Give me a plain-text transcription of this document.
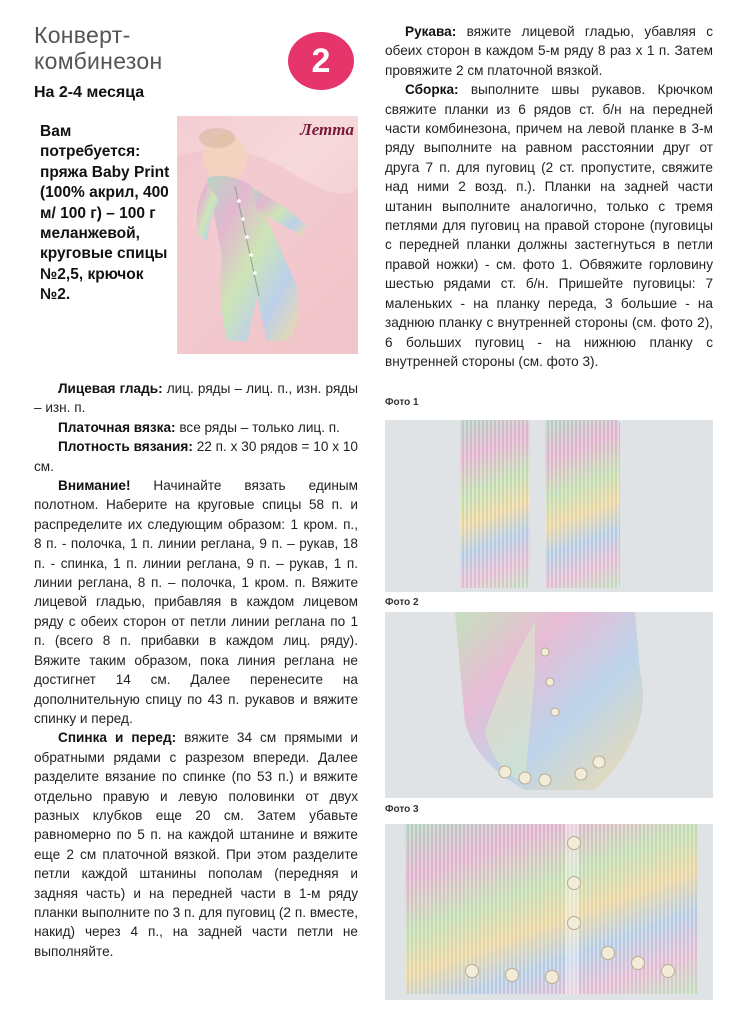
Конверт-
комбинезон	2
На 2-4 месяца
Вам потребуется: пряжа Baby Print (100% акрил, 400 м/ 100 г) – 100 г меланжевой, круговые спицы №2,5, крючок №2.
Летта

Лицевая гладь: лиц. ряды – лиц. п., изн. ряды – изн. п.

Платочная вязка: все ряды – только лиц. п.

Плотность вязания: 22 п. х 30 рядов = 10 х 10 см.

Внимание! Начинайте вязать единым полотном. Наберите на круговые спицы 58 п. и распределите их следующим образом: 1 кром. п., 8 п. - полочка, 1 п. линии реглана, 9 п. – рукав, 18 п. - спинка, 1 п. линии реглана, 9 п. – рукав, 1 п. линии реглана, 8 п. – полочка, 1 кром. п. Вяжите лицевой гладью, прибавляя в каждом лицевом ряду с обеих сторон от петли линии реглана по 1 п. (всего 8 п. прибавки в каждом лиц. ряду). Вяжите таким образом, пока линия реглана не достигнет 14 см. Далее перенесите на дополнительную спицу по 43 п. рукавов и вяжите спинку и перед.

Спинка и перед: вяжите 34 см прямыми и обратными рядами с разрезом впереди. Далее разделите вязание по спинке (по 53 п.) и вяжите отдельно правую и левую половинки от двух разных клубков еще 20 см. Затем убавьте равномерно по 5 п. на каждой штанине и вяжите еще 2 см платочной вязкой. При этом разделите петли каждой штанины пополам (передняя и задняя часть) и на передней части в 1-м ряду планки выполните по 3 п. для пуговиц (2 п. вместе, накид) через 4 п., на задней части петли не выполняйте.

Рукава: вяжите лицевой гладью, убавляя с обеих сторон в каждом 5-м ряду 8 раз х 1 п. Затем провяжите 2 см платочной вязкой.

Сборка: выполните швы рукавов. Крючком свяжите планки из 6 рядов ст. б/н на передней части комбинезона, причем на левой планке в 3-м ряду выполните на равном расстоянии друг от друга 7 п. для пуговиц (2 ст. пропустите, свяжите над ними 2 возд. п.). Планки на задней части штанин выполните аналогично, только с тремя петлями для пуговиц на правой стороне (пуговицы с передней планки должны застегнуться в петли правой ножки) - см. фото 1. Обвяжите горловину шестью рядами ст. б/н. Пришейте пуговицы: 7 маленьких - на планку переда, 3 большие - на заднюю планку с внутренней стороны (см. фото 2), 6 больших пуговиц - на нижнюю планку с внутренней стороны (см. фото 3).

Фото 1
Фото 2
Фото 3
